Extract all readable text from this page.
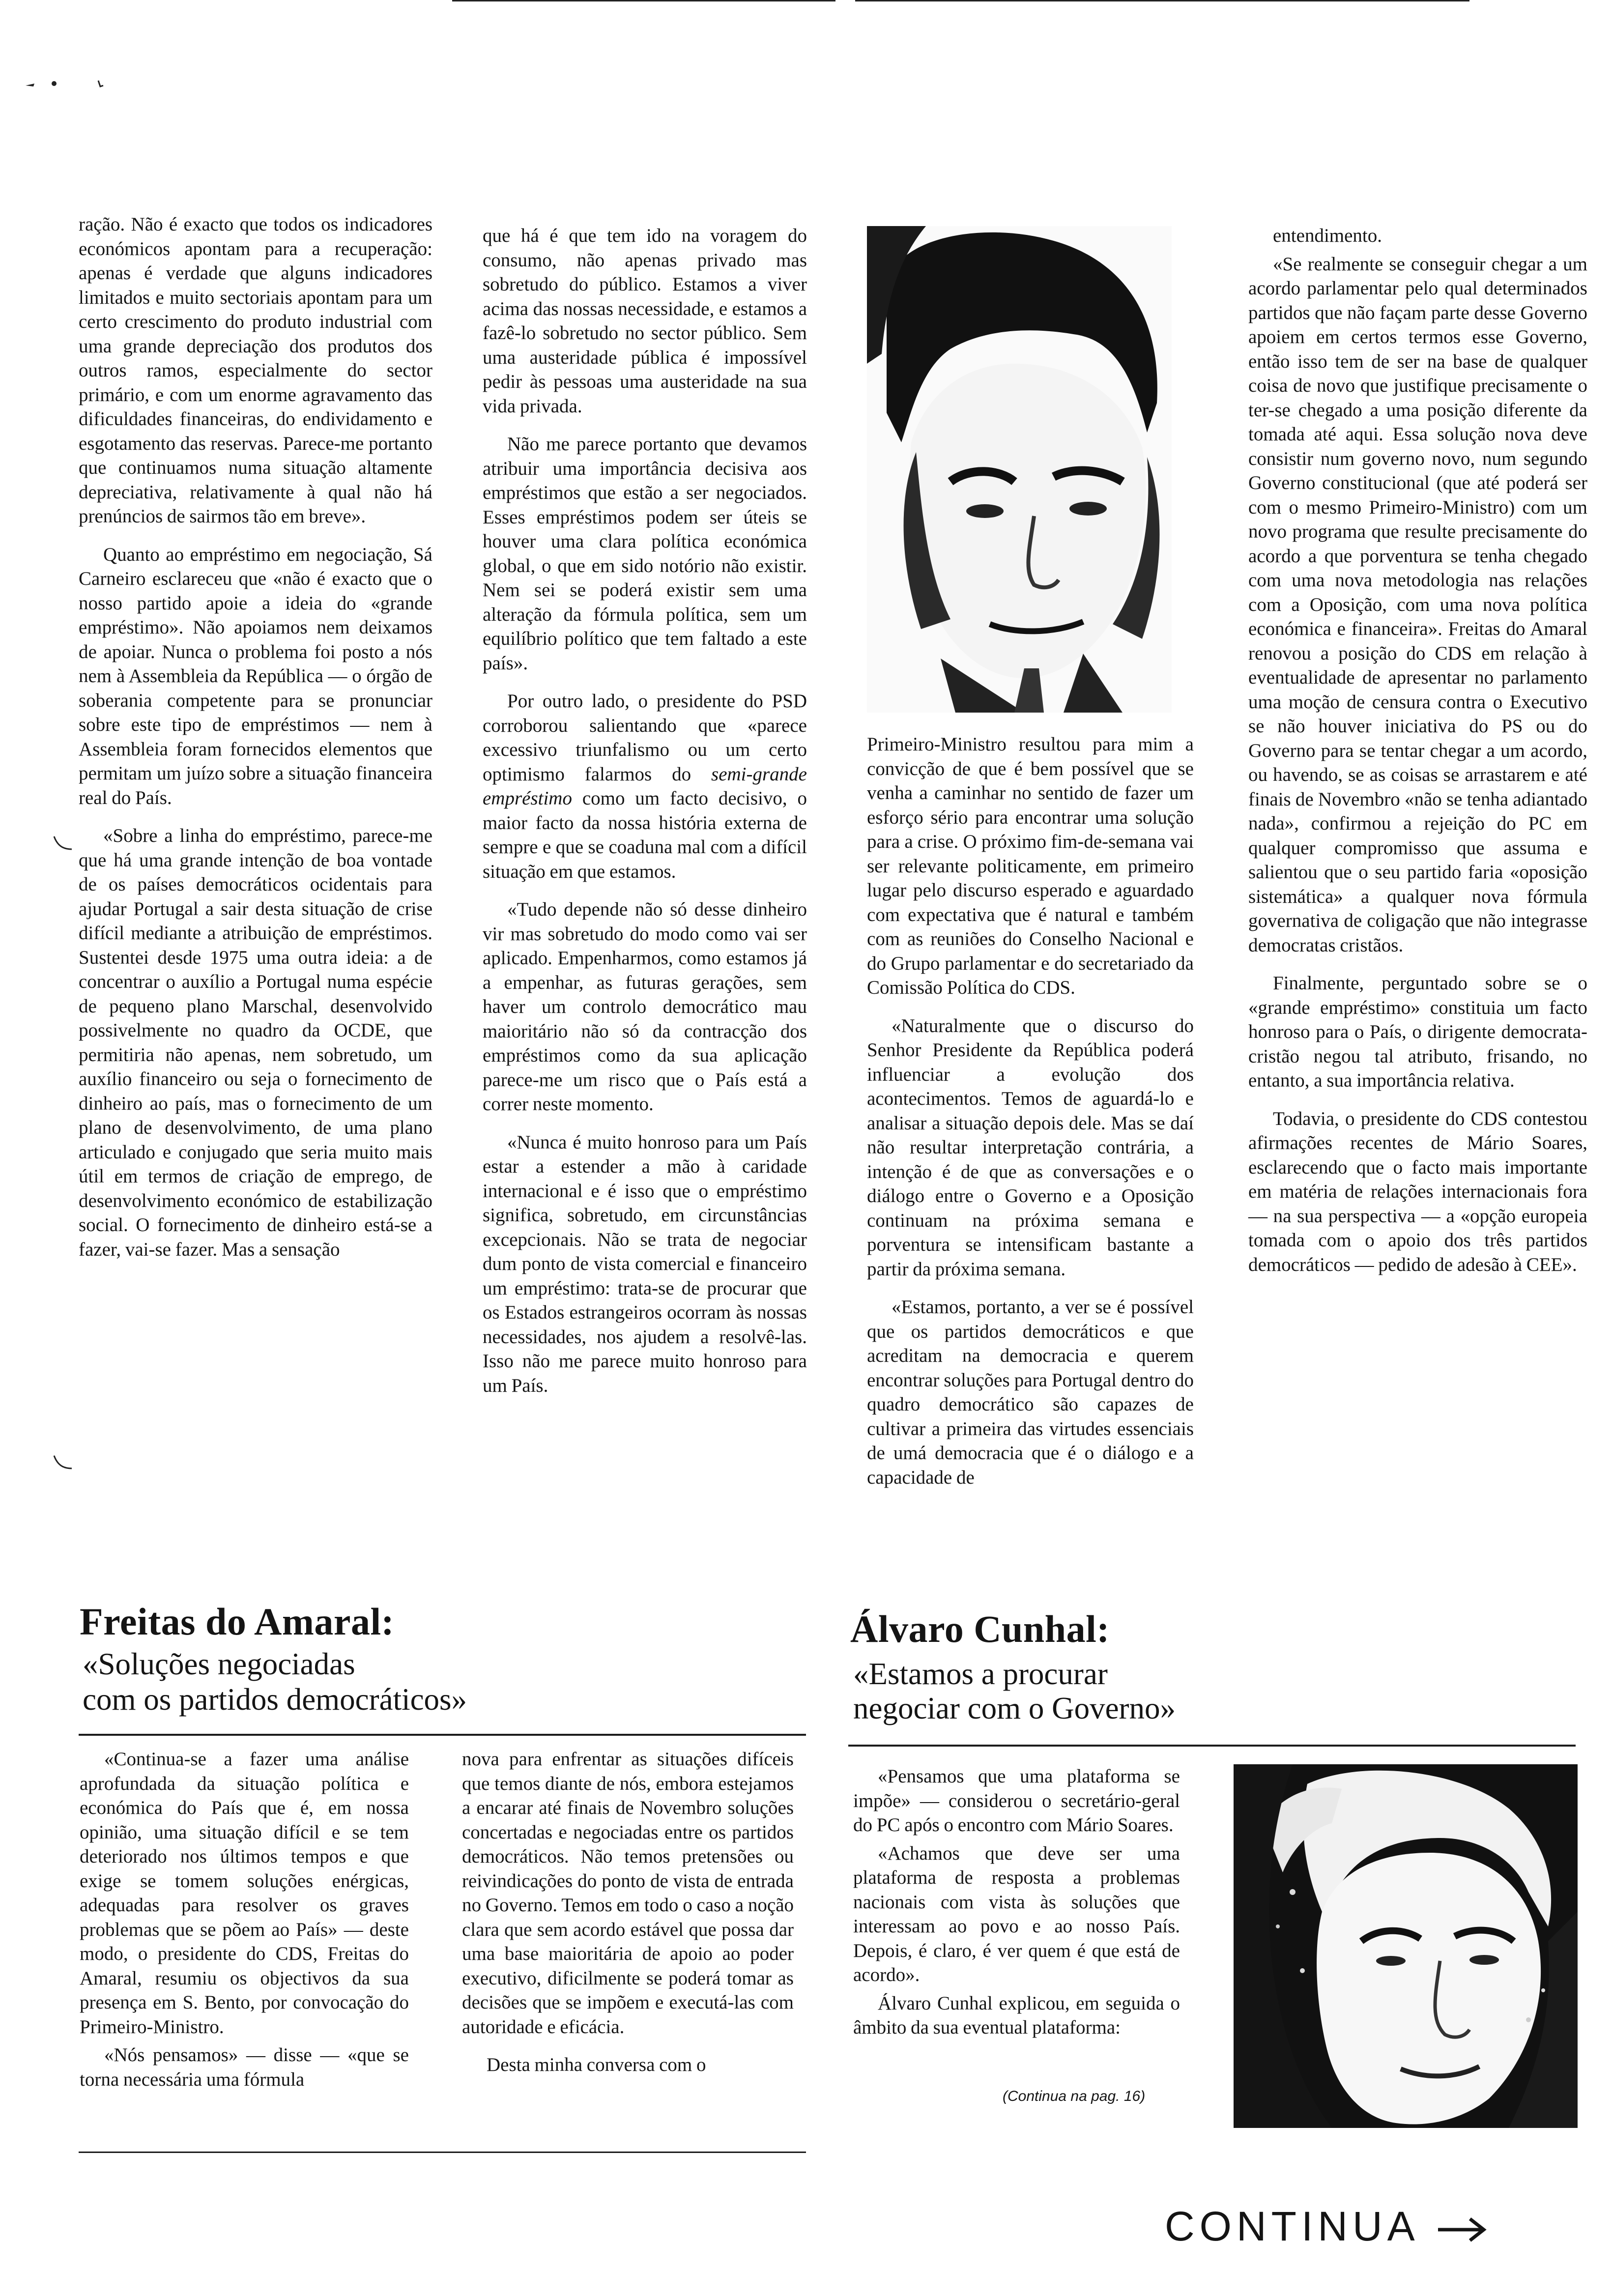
ração. Não é exacto que todos os indicadores económicos apontam para a recuperação: apenas é verdade que alguns indicadores limitados e muito sectoriais apontam para um certo crescimento do produto industrial com uma grande depreciação dos produtos dos outros ramos, especialmente do sector primário, e com um enorme agravamento das dificuldades financeiras, do endividamento e esgotamento das reservas. Parece-me portanto que continuamos numa situação altamente depreciativa, relativamente à qual não há prenúncios de sairmos tão em breve».

Quanto ao empréstimo em negociação, Sá Carneiro esclareceu que «não é exacto que o nosso partido apoie a ideia do «grande empréstimo». Não apoiamos nem deixamos de apoiar. Nunca o problema foi posto a nós nem à Assembleia da República — o órgão de soberania competente para se pronunciar sobre este tipo de empréstimos — nem à Assembleia foram fornecidos elementos que permitam um juízo sobre a situação financeira real do País.

«Sobre a linha do empréstimo, parece-me que há uma grande intenção de boa vontade de os países democráticos ocidentais para ajudar Portugal a sair desta situação de crise difícil mediante a atribuição de empréstimos. Sustentei desde 1975 uma outra ideia: a de concentrar o auxílio a Portugal numa espécie de pequeno plano Marschal, desenvolvido possivelmente no quadro da OCDE, que permitiria não apenas, nem sobretudo, um auxílio financeiro ou seja o fornecimento de dinheiro ao país, mas o fornecimento de um plano de desenvolvimento, de uma plano articulado e conjugado que seria muito mais útil em termos de criação de emprego, de desenvolvimento económico de estabilização social. O fornecimento de dinheiro está-se a fazer, vai-se fazer. Mas a sensação

que há é que tem ido na voragem do consumo, não apenas privado mas sobretudo do público. Estamos a viver acima das nossas necessidade, e estamos a fazê-lo sobretudo no sector público. Sem uma austeridade pública é impossível pedir às pessoas uma austeridade na sua vida privada.

Não me parece portanto que devamos atribuir uma importância decisiva aos empréstimos que estão a ser negociados. Esses empréstimos podem ser úteis se houver uma clara política económica global, o que em sido notório não existir. Nem sei se poderá existir sem uma alteração da fórmula política, sem um equilíbrio político que tem faltado a este país».

Por outro lado, o presidente do PSD corroborou salientando que «parece excessivo triunfalismo ou um certo optimismo falarmos do semi-grande empréstimo como um facto decisivo, o maior facto da nossa história externa de sempre e que se coaduna mal com a difícil situação em que estamos.

«Tudo depende não só desse dinheiro vir mas sobretudo do modo como vai ser aplicado. Empenharmos, como estamos já a empenhar, as futuras gerações, sem haver um controlo democrático mau maioritário não só da contracção dos empréstimos como da sua aplicação parece-me um risco que o País está a correr neste momento.

«Nunca é muito honroso para um País estar a estender a mão à caridade internacional e é isso que o empréstimo significa, sobretudo, em circunstâncias excepcionais. Não se trata de negociar dum ponto de vista comercial e financeiro um empréstimo: trata-se de procurar que os Estados estrangeiros ocorram às nossas necessidades, nos ajudem a resolvê-las. Isso não me parece muito honroso para um País.

Primeiro-Ministro resultou para mim a convicção de que é bem possível que se venha a caminhar no sentido de fazer um esforço sério para encontrar uma solução para a crise. O próximo fim-de-semana vai ser relevante politicamente, em primeiro lugar pelo discurso esperado e aguardado com expectativa que é natural e também com as reuniões do Conselho Nacional e do Grupo parlamentar e do secretariado da Comissão Política do CDS.

«Naturalmente que o discurso do Senhor Presidente da República poderá influenciar a evolução dos acontecimentos. Temos de aguardá-lo e analisar a situação depois dele. Mas se daí não resultar interpretação contrária, a intenção é de que as conversações e o diálogo entre o Governo e a Oposição continuam na próxima semana e porventura se intensificam bastante a partir da próxima semana.

«Estamos, portanto, a ver se é possível que os partidos democráticos e que acreditam na democracia e querem encontrar soluções para Portugal dentro do quadro democrático são capazes de cultivar a primeira das virtudes essenciais de umá democracia que é o diálogo e a capacidade de

entendimento.

«Se realmente se conseguir chegar a um acordo parlamentar pelo qual determinados partidos que não façam parte desse Governo apoiem em certos termos esse Governo, então isso tem de ser na base de qualquer coisa de novo que justifique precisamente o ter-se chegado a uma posição diferente da tomada até aqui. Essa solução nova deve consistir num governo novo, num segundo Governo constitucional (que até poderá ser com o mesmo Primeiro-Ministro) com um novo programa que resulte precisamente do acordo a que porventura se tenha chegado com uma nova metodologia nas relações com a Oposição, com uma nova política económica e financeira». Freitas do Amaral renovou a posição do CDS em relação à eventualidade de apresentar no parlamento uma moção de censura contra o Executivo se não houver iniciativa do PS ou do Governo para se tentar chegar a um acordo, ou havendo, se as coisas se arrastarem e até finais de Novembro «não se tenha adiantado nada», confirmou a rejeição do PC em qualquer compromisso que assuma e salientou que o seu partido faria «oposição sistemática» a qualquer nova fórmula governativa de coligação que não integrasse democratas cristãos.

Finalmente, perguntado sobre se o «grande empréstimo» constituia um facto honroso para o País, o dirigente democrata-cristão negou tal atributo, frisando, no entanto, a sua importância relativa.

Todavia, o presidente do CDS contestou afirmações recentes de Mário Soares, esclarecendo que o facto mais importante em matéria de relações internacionais fora — na sua perspectiva — a «opção europeia tomada com o apoio dos três partidos democráticos — pedido de adesão à CEE».

Freitas do Amaral:
«Soluções negociadas
com os partidos democráticos»

«Continua-se a fazer uma análise aprofundada da situação política e económica do País que é, em nossa opinião, uma situação difícil e se tem deteriorado nos últimos tempos e que exige se tomem soluções enérgicas, adequadas para resolver os graves problemas que se põem ao País» — deste modo, o presidente do CDS, Freitas do Amaral, resumiu os objectivos da sua presença em S. Bento, por convocação do Primeiro-Ministro.

«Nós pensamos» — disse — «que se torna necessária uma fórmula

nova para enfrentar as situações difíceis que temos diante de nós, embora estejamos a encarar até finais de Novembro soluções concertadas e negociadas entre os partidos democráticos. Não temos pretensões ou reivindicações do ponto de vista de entrada no Governo. Temos em todo o caso a noção clara que sem acordo estável que possa dar uma base maioritária de apoio ao poder executivo, dificilmente se poderá tomar as decisões que se impõem e executá-las com autoridade e eficácia.

Desta minha conversa com o

Álvaro Cunhal:
«Estamos a procurar
negociar com o Governo»

«Pensamos que uma plataforma se impõe» — considerou o secretário-geral do PC após o encontro com Mário Soares.

«Achamos que deve ser uma plataforma de resposta a problemas nacionais com vista às soluções que interessam ao povo e ao nosso País. Depois, é claro, é ver quem é que está de acordo».

Álvaro Cunhal explicou, em seguida o âmbito da sua eventual plataforma:

(Continua na pag. 16)
CONTINUA
